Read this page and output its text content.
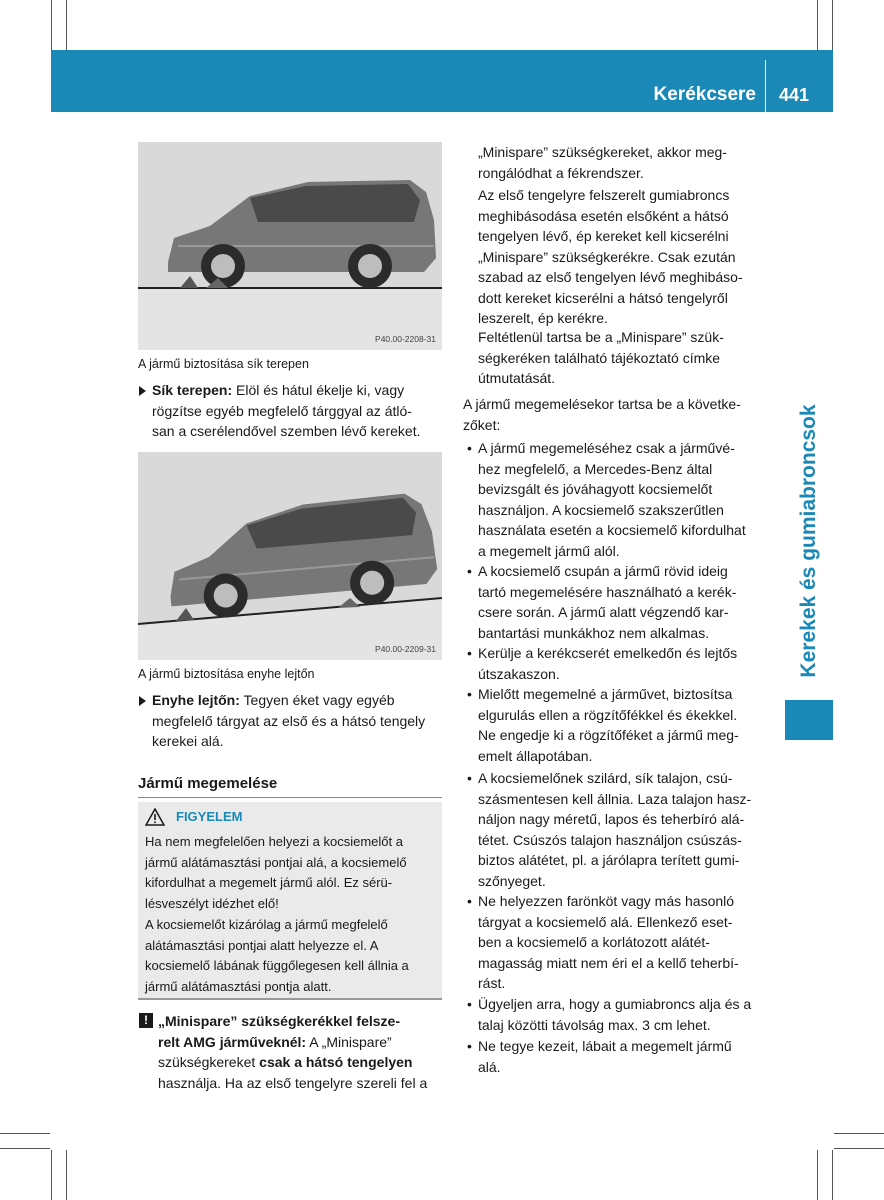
Kerékcsere	441
Kerekek és gumiabroncsok
P40.00-2208-31
A jármű biztosítása sík terepen
Sík terepen: Elöl és hátul ékelje ki, vagy
rögzítse egyéb megfelelő tárggyal az átló-
san a cserélendővel szemben lévő kereket.
P40.00-2209-31
A jármű biztosítása enyhe lejtőn
Enyhe lejtőn: Tegyen éket vagy egyéb
megfelelő tárgyat az első és a hátsó tengely
kerekei alá.
Jármű megemelése
FIGYELEM
Ha nem megfelelően helyezi a kocsiemelőt a
jármű alátámasztási pontjai alá, a kocsiemelő
kifordulhat a megemelt jármű alól. Ez sérü-
lésveszélyt idézhet elő!
A kocsiemelőt kizárólag a jármű megfelelő
alátámasztási pontjai alatt helyezze el. A
kocsiemelő lábának függőlegesen kell állnia a
jármű alátámasztási pontja alatt.
! „Minispare” szükségkerékkel felsze-
relt AMG járműveknél: A „Minispare”
szükségkereket csak a hátsó tengelyen
használja. Ha az első tengelyre szereli fel a
„Minispare” szükségkereket, akkor meg-
rongálódhat a fékrendszer.
Az első tengelyre felszerelt gumiabroncs
meghibásodása esetén elsőként a hátsó
tengelyen lévő, ép kereket kell kicserélni
„Minispare” szükségkerékre. Csak ezután
szabad az első tengelyen lévő meghibáso-
dott kereket kicserélni a hátsó tengelyről
leszerelt, ép kerékre.
Feltétlenül tartsa be a „Minispare” szük-
ségkeréken található tájékoztató címke
útmutatását.
A jármű megemelésekor tartsa be a követke-
zőket:
• A jármű megemeléséhez csak a járművé-
hez megfelelő, a Mercedes-Benz által
bevizsgált és jóváhagyott kocsiemelőt
használjon. A kocsiemelő szakszerűtlen
használata esetén a kocsiemelő kifordulhat
a megemelt jármű alól.
• A kocsiemelő csupán a jármű rövid ideig
tartó megemelésére használható a kerék-
csere során. A jármű alatt végzendő kar-
bantartási munkákhoz nem alkalmas.
• Kerülje a kerékcserét emelkedőn és lejtős
útszakaszon.
• Mielőtt megemelné a járművet, biztosítsa
elgurulás ellen a rögzítőfékkel és ékekkel.
Ne engedje ki a rögzítőféket a jármű meg-
emelt állapotában.
• A kocsiemelőnek szilárd, sík talajon, csú-
szásmentesen kell állnia. Laza talajon hasz-
náljon nagy méretű, lapos és teherbíró alá-
tétet. Csúszós talajon használjon csúszás-
biztos alátétet, pl. a járólapra terített gumi-
szőnyeget.
• Ne helyezzen farönköt vagy más hasonló
tárgyat a kocsiemelő alá. Ellenkező eset-
ben a kocsiemelő a korlátozott alátét-
magasság miatt nem éri el a kellő teherbí-
rást.
• Ügyeljen arra, hogy a gumiabroncs alja és a
talaj közötti távolság max. 3 cm lehet.
• Ne tegye kezeit, lábait a megemelt jármű
alá.
